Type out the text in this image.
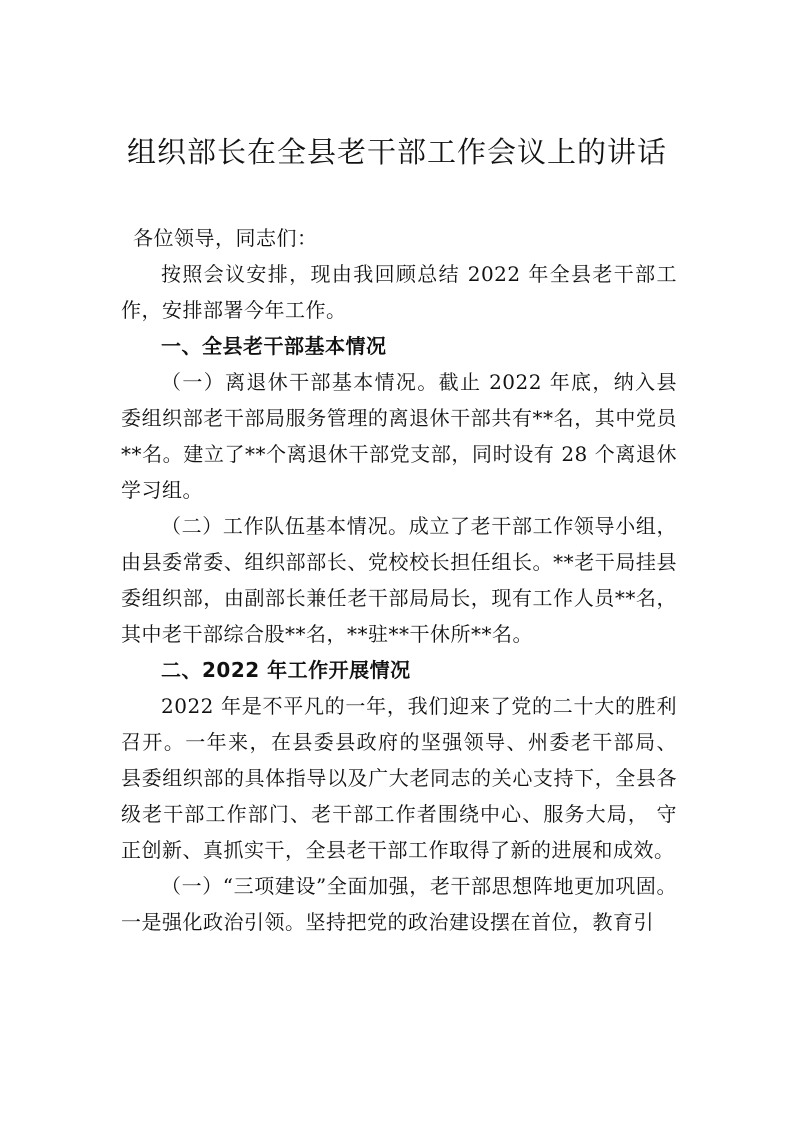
组织部长在全县老干部工作会议上的讲话

各位领导，同志们：

按照会议安排，现由我回顾总结 2022 年全县老干部工作，安排部署今年工作。

一、全县老干部基本情况

（一）离退休干部基本情况。截止 2022 年底，纳入县委组织部老干部局服务管理的离退休干部共有**名，其中党员**名。建立了**个离退休干部党支部，同时设有 28 个离退休学习组。

（二）工作队伍基本情况。成立了老干部工作领导小组，由县委常委、组织部部长、党校校长担任组长。**老干局挂县委组织部，由副部长兼任老干部局局长，现有工作人员**名，其中老干部综合股**名，**驻**干休所**名。

二、2022 年工作开展情况

2022 年是不平凡的一年，我们迎来了党的二十大的胜利召开。一年来，在县委县政府的坚强领导、州委老干部局、 县委组织部的具体指导以及广大老同志的关心支持下，全县各级老干部工作部门、老干部工作者围绕中心、服务大局， 守正创新、真抓实干，全县老干部工作取得了新的进展和成效。

（一）“三项建设”全面加强，老干部思想阵地更加巩固。一是强化政治引领。坚持把党的政治建设摆在首位，教育引
